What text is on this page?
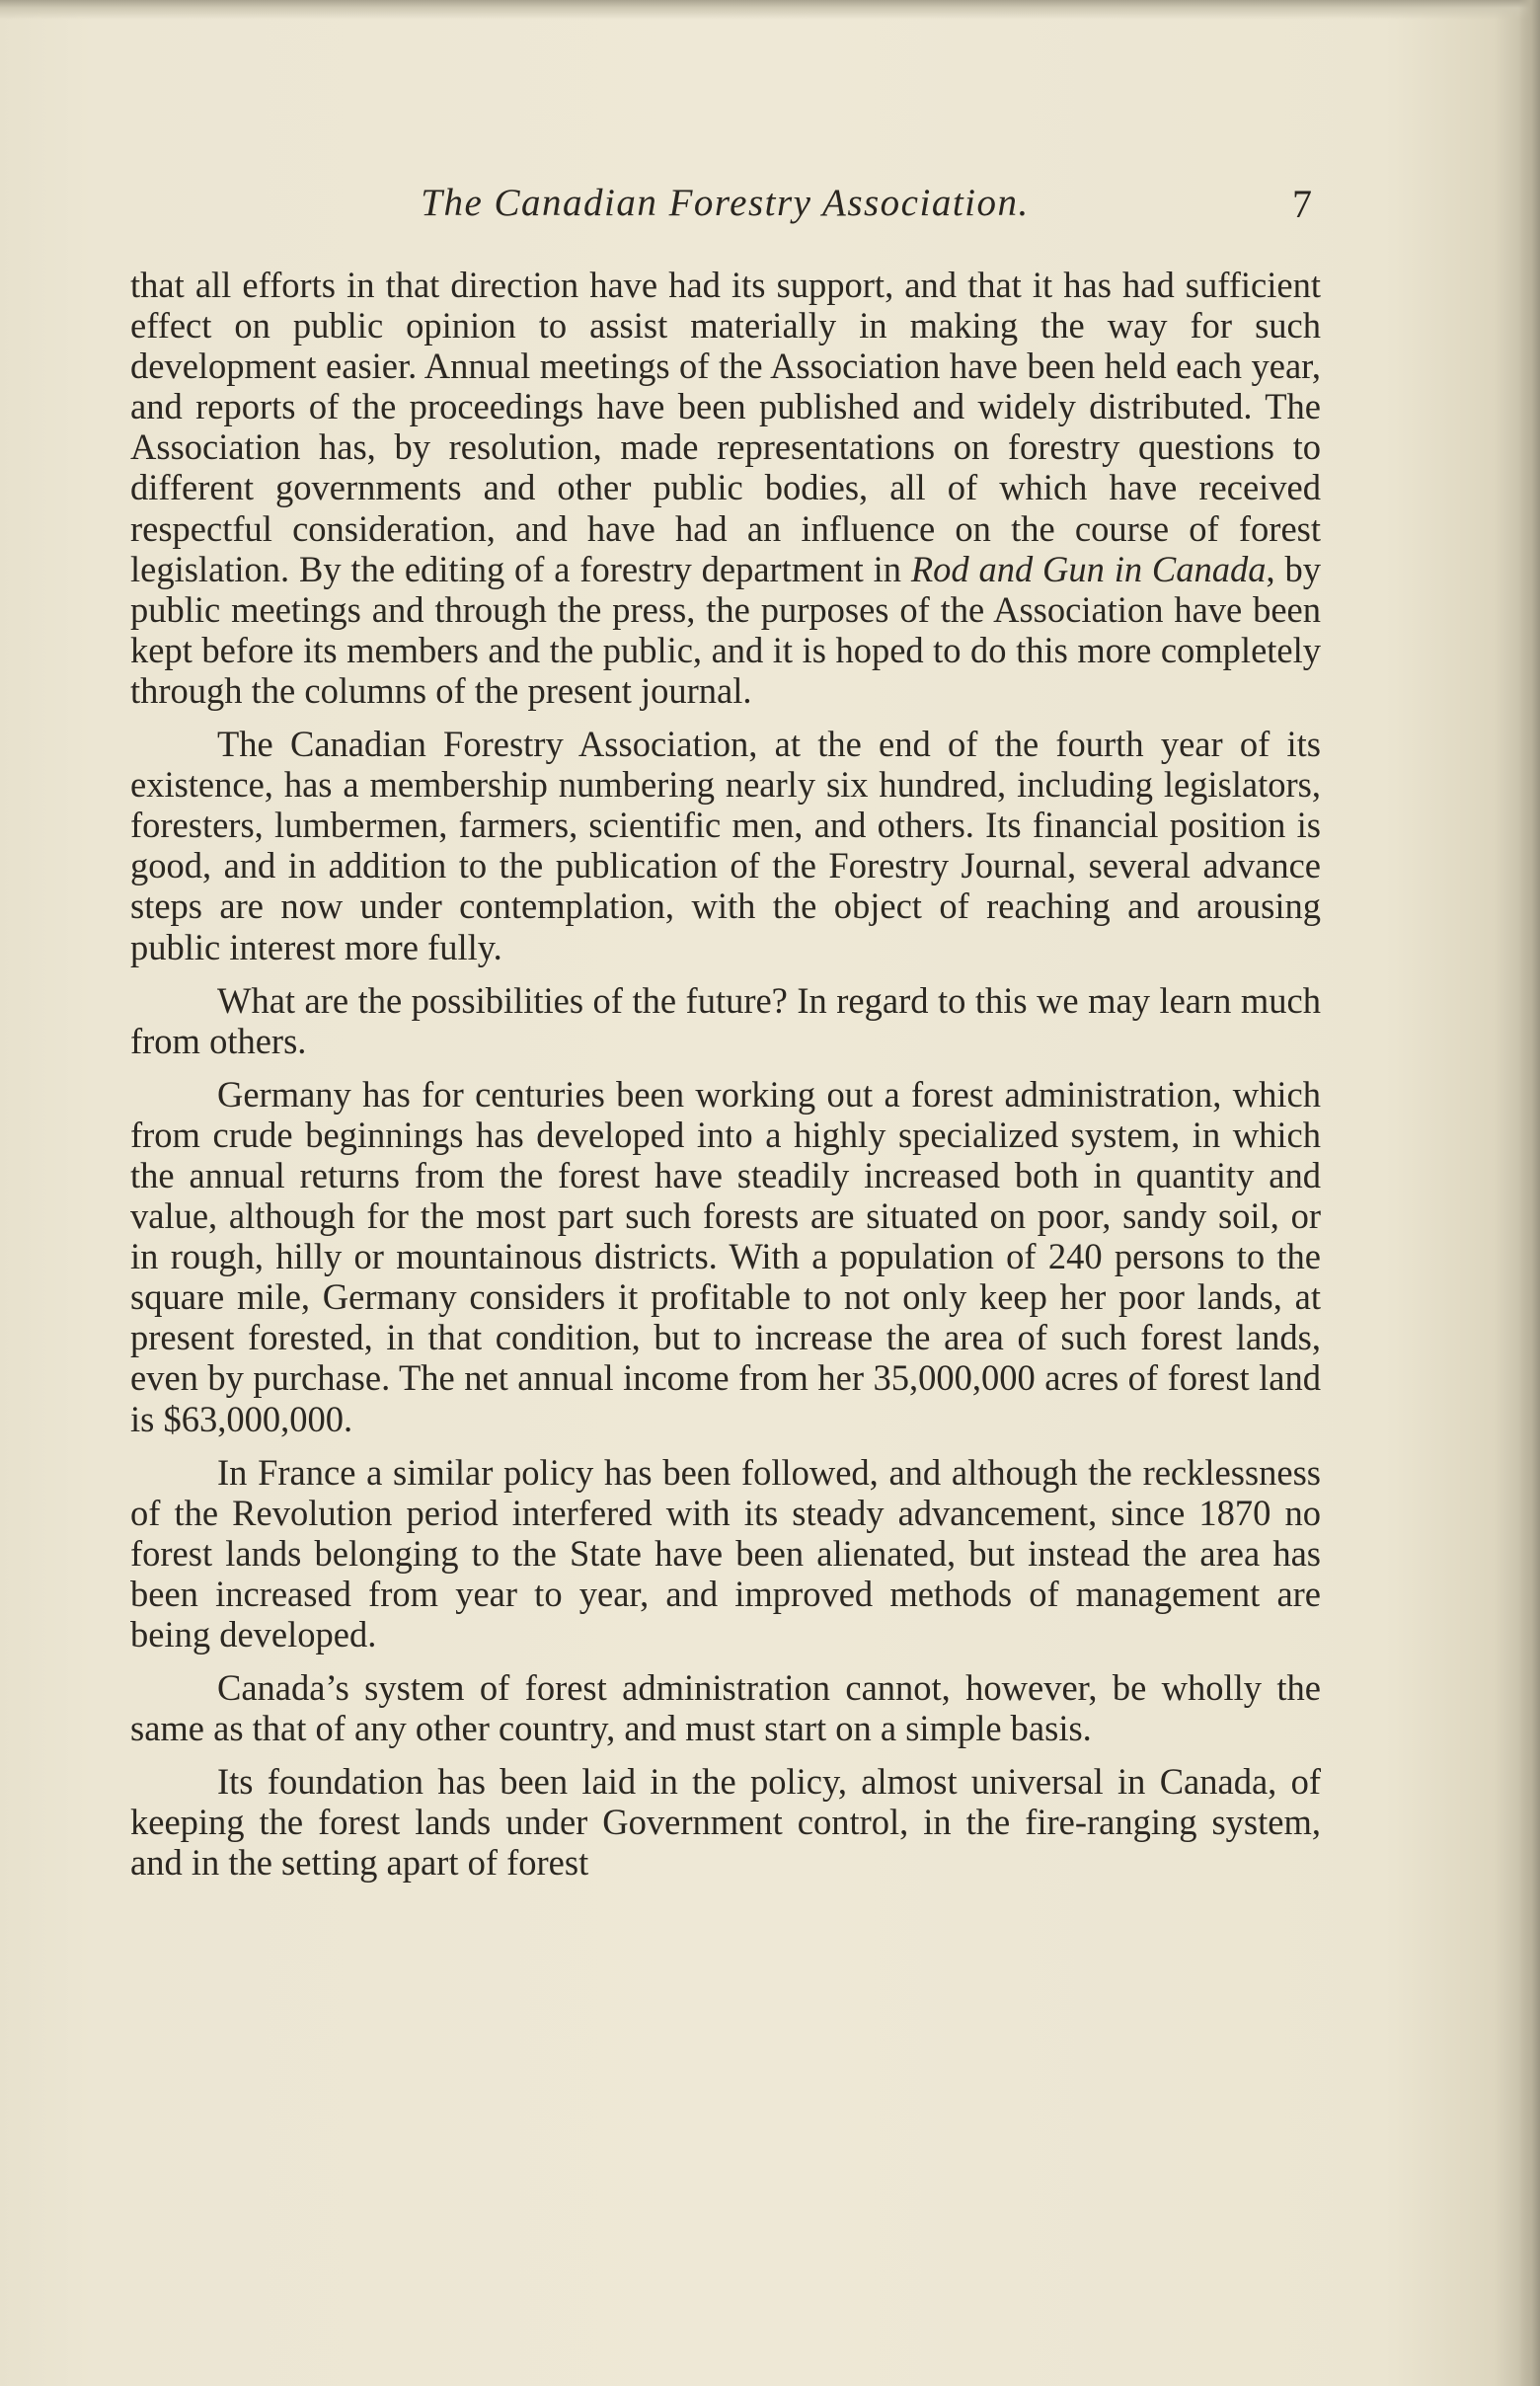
The Canadian Forestry Association.	7

that all efforts in that direction have had its support, and that it has had sufficient effect on public opinion to assist materially in making the way for such development easier. Annual meetings of the Association have been held each year, and reports of the proceedings have been published and widely distributed. The Association has, by resolution, made representations on forestry questions to different governments and other public bodies, all of which have received respectful consideration, and have had an influence on the course of forest legislation. By the editing of a forestry department in Rod and Gun in Canada, by public meetings and through the press, the purposes of the Association have been kept before its members and the public, and it is hoped to do this more completely through the columns of the present journal.

The Canadian Forestry Association, at the end of the fourth year of its existence, has a membership numbering nearly six hundred, including legislators, foresters, lumbermen, farmers, scientific men, and others. Its financial position is good, and in addition to the publication of the Forestry Journal, several advance steps are now under contemplation, with the object of reaching and arousing public interest more fully.

What are the possibilities of the future? In regard to this we may learn much from others.

Germany has for centuries been working out a forest administration, which from crude beginnings has developed into a highly specialized system, in which the annual returns from the forest have steadily increased both in quantity and value, although for the most part such forests are situated on poor, sandy soil, or in rough, hilly or mountainous districts. With a population of 240 persons to the square mile, Germany considers it profitable to not only keep her poor lands, at present forested, in that condition, but to increase the area of such forest lands, even by purchase. The net annual income from her 35,000,000 acres of forest land is $63,000,000.

In France a similar policy has been followed, and although the recklessness of the Revolution period interfered with its steady advancement, since 1870 no forest lands belonging to the State have been alienated, but instead the area has been increased from year to year, and improved methods of management are being developed.

Canada’s system of forest administration cannot, however, be wholly the same as that of any other country, and must start on a simple basis.

Its foundation has been laid in the policy, almost universal in Canada, of keeping the forest lands under Government control, in the fire-ranging system, and in the setting apart of forest
